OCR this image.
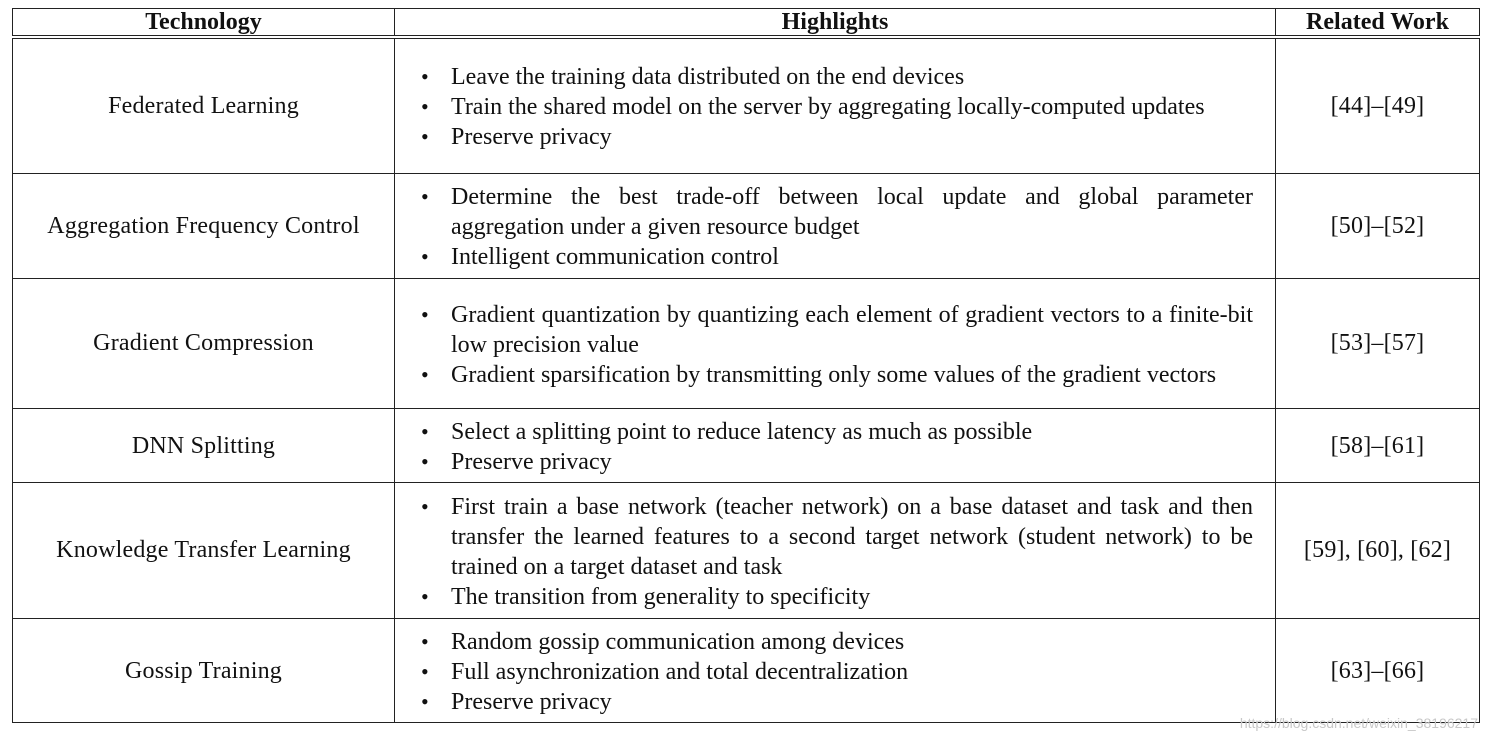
Technology	Highlights	Related Work
Federated Learning
• Leave the training data distributed on the end devices
• Train the shared model on the server by aggregating locally-computed updates
• Preserve privacy
[44]–[49]
Aggregation Frequency Control
• Determine the best trade-off between local update and global parameter aggregation under a given resource budget
• Intelligent communication control
[50]–[52]
Gradient Compression
• Gradient quantization by quantizing each element of gradient vectors to a finite-bit low precision value
• Gradient sparsification by transmitting only some values of the gradient vectors
[53]–[57]
DNN Splitting
• Select a splitting point to reduce latency as much as possible
• Preserve privacy
[58]–[61]
Knowledge Transfer Learning
• First train a base network (teacher network) on a base dataset and task and then transfer the learned features to a second target network (student network) to be trained on a target dataset and task
• The transition from generality to specificity
[59], [60], [62]
Gossip Training
• Random gossip communication among devices
• Full asynchronization and total decentralization
• Preserve privacy
[63]–[66]
https://blog.csdn.net/weixin_38196217
